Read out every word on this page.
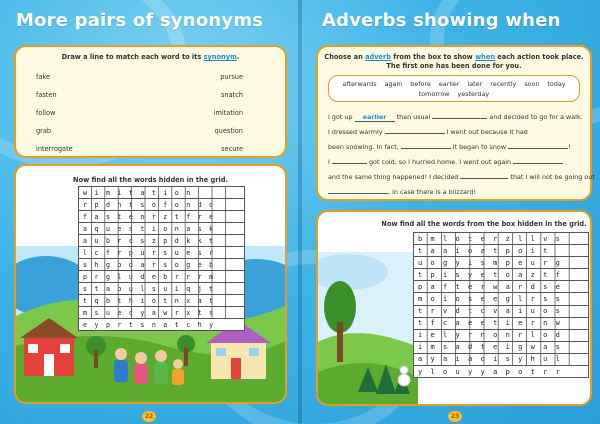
More pairs of synonyms
Draw a line to match each word to its synonym.
fake
fasten
follow
grab
interrogate
pursue
snatch
imitation
question
secure
Now find all the words hidden in the grid.
wimitation
rpdntsofondo
fastenrztfre
aquestionask
aubrcszpdkkt
lcfrpursuesr
shgodarsogeb
prgludebrrrm
staoulsuiqjt
tqbthiotnxat
msuecyawrxts
eyprtsnatchy
22
Adverbs showing when
Choose an adverb from the box to show when each action took place.
The first one has been done for you.
afterwards again before earlier later recently soon today
tomorrow yesterday
I got up earlier than usual	and decided to go for a walk.
I dressed warmly	I went out because it had
been snowing. In fact,	it began to snow	!
I	got cold, so I hurried home. I went out again
and the same thing happened! I decided	that I will not be going out
, in case there is a blizzard!
Now find all the words from the box hidden in the grid.
bmloterzllvs
taaioatpoit
uogyismpeurg
tpisyetoaztf
pafterwardse
moioseeglrss
trvdtcvaiuos
tfcaeetiernw
ielyrnonrlod
imsadteigwas
ayaiaoisyhul
ylouyyapotrr
23
